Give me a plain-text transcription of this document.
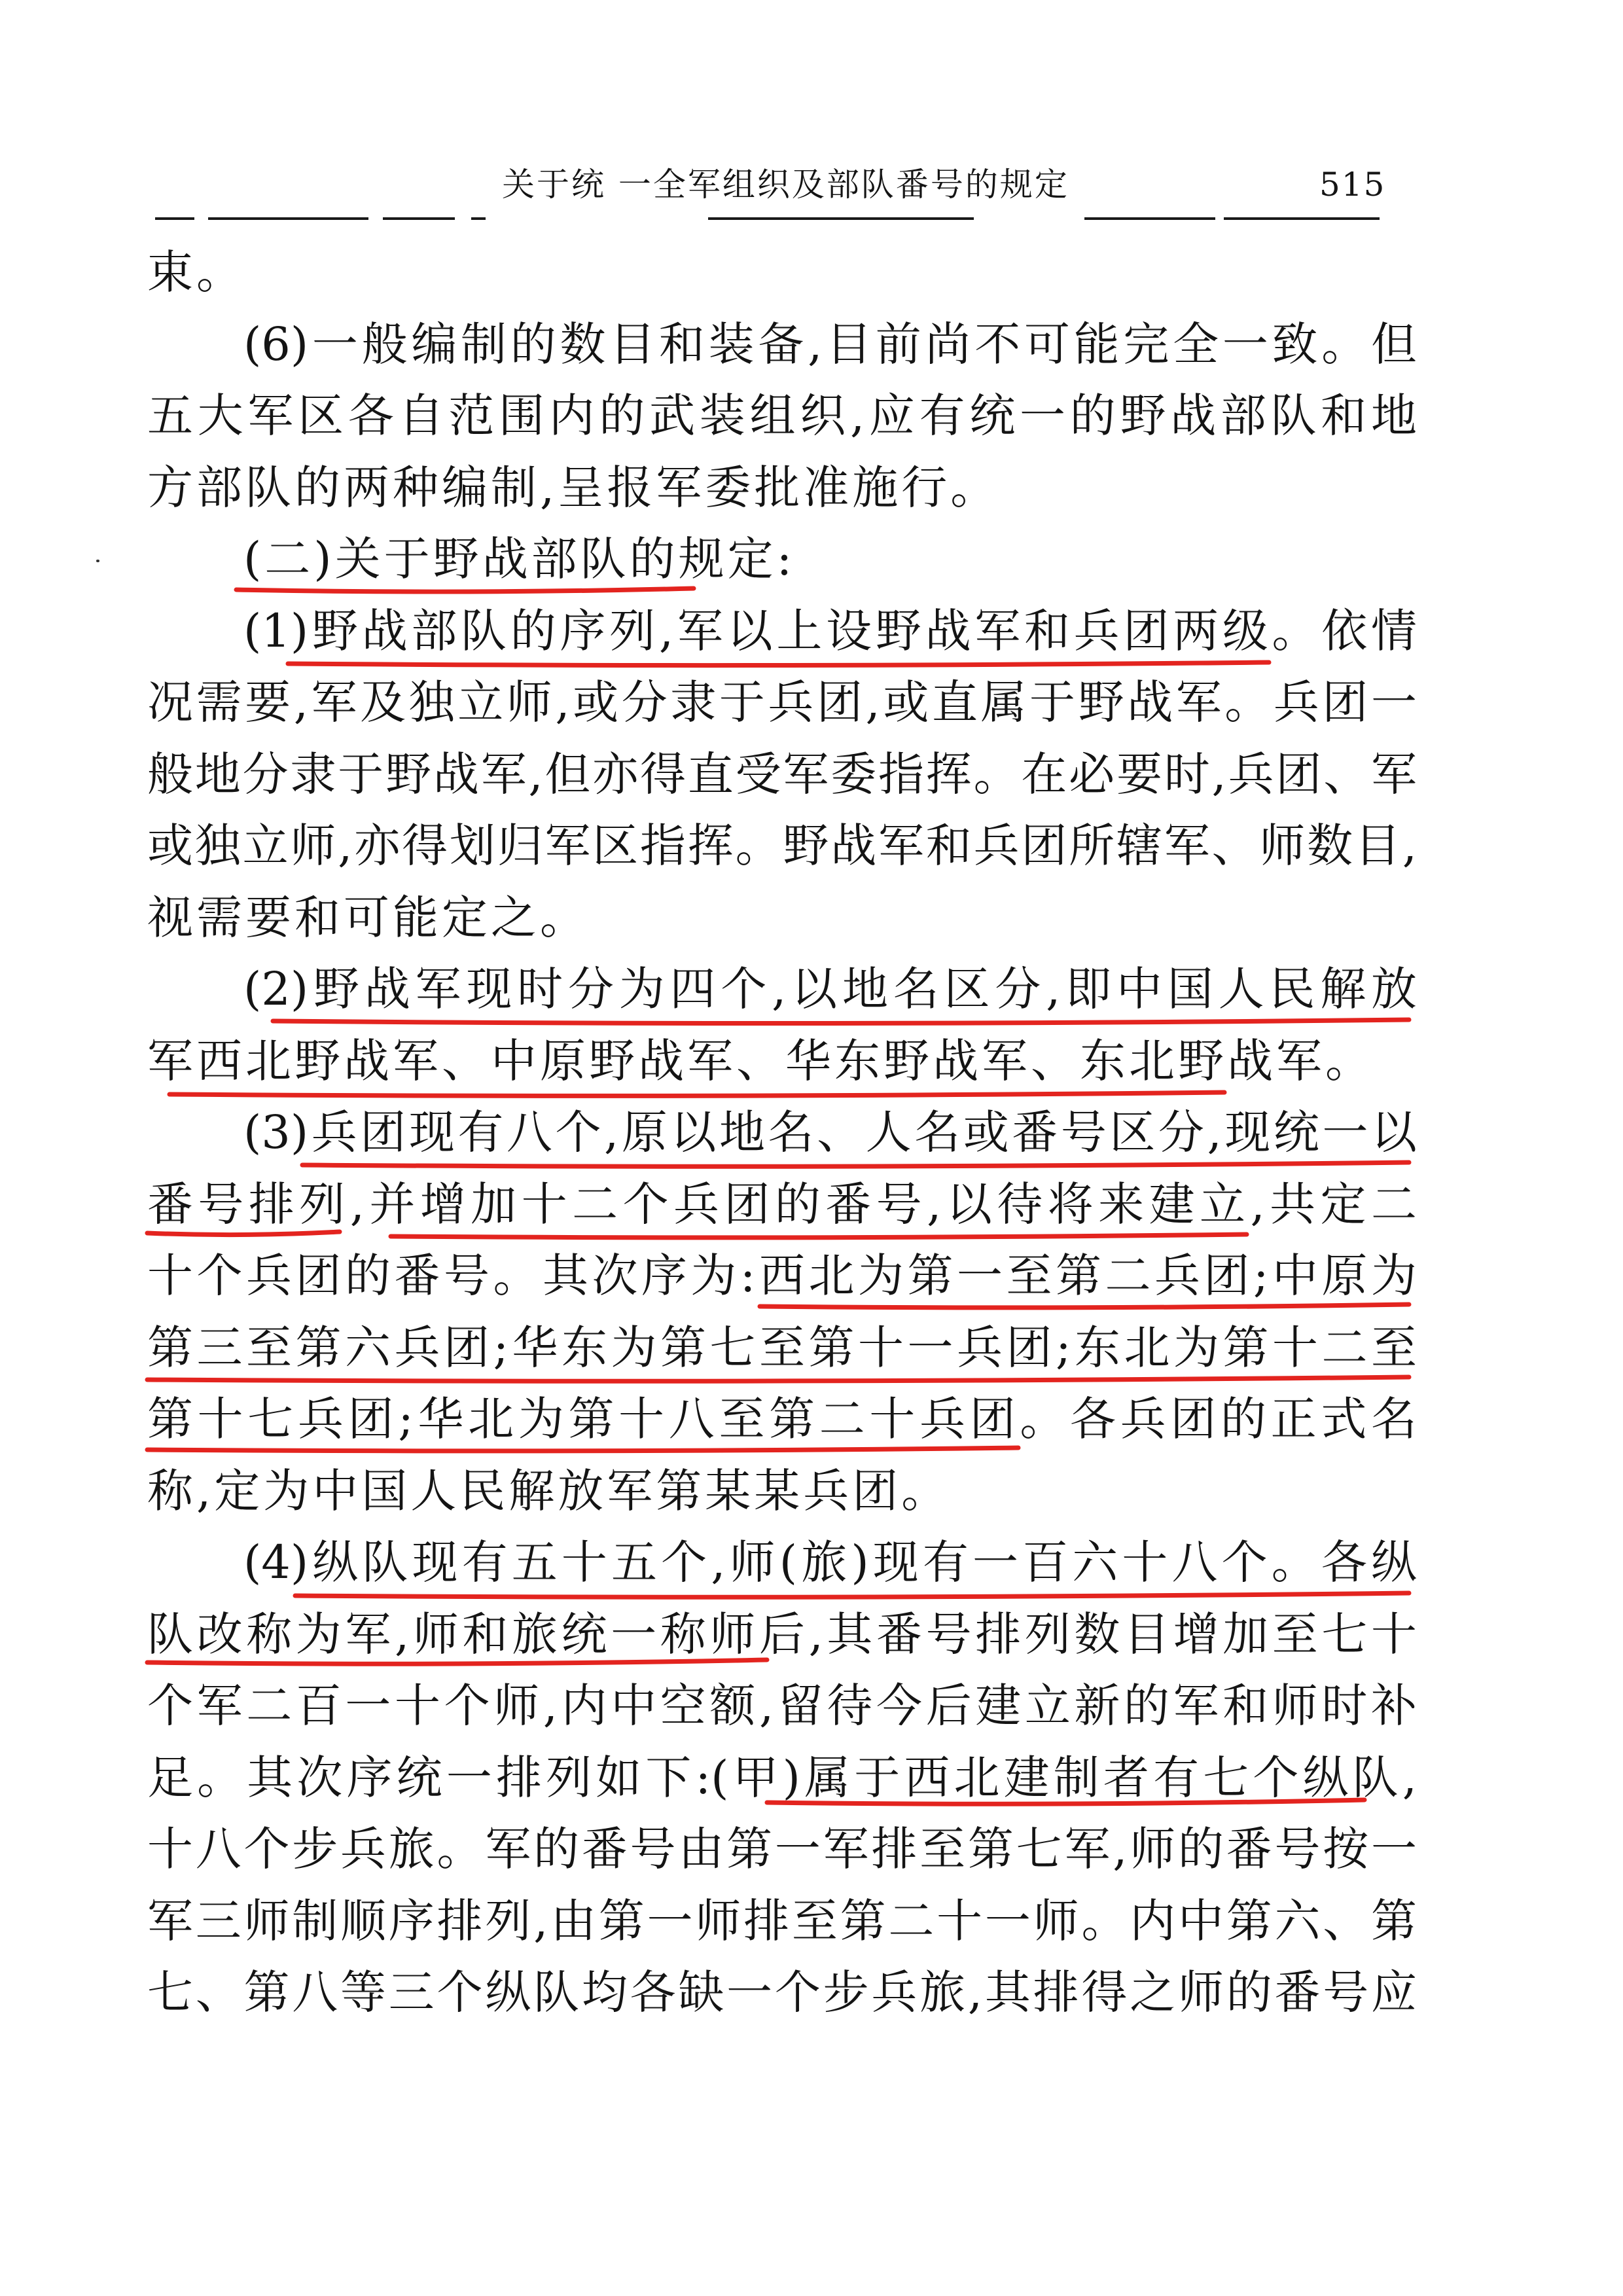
关于统 一全军组织及部队番号的规定	515
束。
(6)一般编制的数目和装备,目前尚不可能完全一致。但
五大军区各自范围内的武装组织,应有统一的野战部队和地
方部队的两种编制,呈报军委批准施行。
(二)关于野战部队的规定:
(1)野战部队的序列,军以上设野战军和兵团两级。依情
况需要,军及独立师,或分隶于兵团,或直属于野战军。兵团一
般地分隶于野战军,但亦得直受军委指挥。在必要时,兵团、军
或独立师,亦得划归军区指挥。野战军和兵团所辖军、师数目,
视需要和可能定之。
(2)野战军现时分为四个,以地名区分,即中国人民解放
军西北野战军、中原野战军、华东野战军、东北野战军。
(3)兵团现有八个,原以地名、人名或番号区分,现统一以
番号排列,并增加十二个兵团的番号,以待将来建立,共定二
十个兵团的番号。其次序为:西北为第一至第二兵团;中原为
第三至第六兵团;华东为第七至第十一兵团;东北为第十二至
第十七兵团;华北为第十八至第二十兵团。各兵团的正式名
称,定为中国人民解放军第某某兵团。
(4)纵队现有五十五个,师(旅)现有一百六十八个。各纵
队改称为军,师和旅统一称师后,其番号排列数目增加至七十
个军二百一十个师,内中空额,留待今后建立新的军和师时补
足。其次序统一排列如下:(甲)属于西北建制者有七个纵队,
十八个步兵旅。军的番号由第一军排至第七军,师的番号按一
军三师制顺序排列,由第一师排至第二十一师。内中第六、第
七、第八等三个纵队均各缺一个步兵旅,其排得之师的番号应
